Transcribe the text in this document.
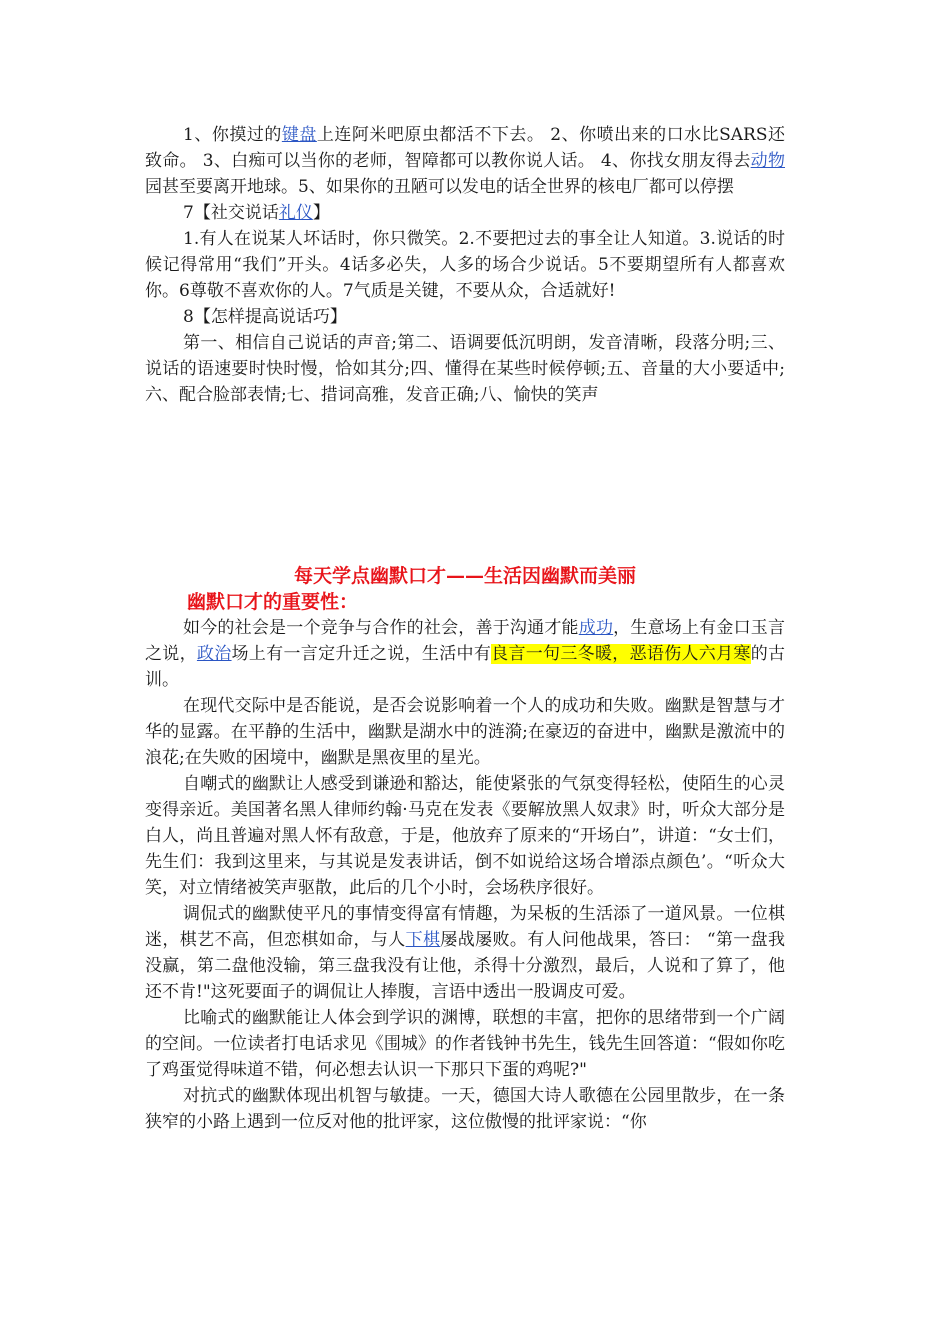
1、你摸过的键盘上连阿米吧原虫都活不下去。 2、你喷出来的口水比SARS还致命。 3、白痴可以当你的老师，智障都可以教你说人话。 4、你找女朋友得去动物园甚至要离开地球。5、如果你的丑陋可以发电的话全世界的核电厂都可以停摆

7【社交说话礼仪】

1.有人在说某人坏话时，你只微笑。2.不要把过去的事全让人知道。3.说话的时候记得常用“我们”开头。4话多必失，人多的场合少说话。5不要期望所有人都喜欢你。6尊敬不喜欢你的人。7气质是关键，不要从众，合适就好!

8【怎样提高说话巧】

第一、相信自己说话的声音;第二、语调要低沉明朗，发音清晰，段落分明;三、说话的语速要时快时慢，恰如其分;四、懂得在某些时候停顿;五、音量的大小要适中;六、配合脸部表情;七、措词高雅，发音正确;八、愉快的笑声

每天学点幽默口才——生活因幽默而美丽

幽默口才的重要性：

如今的社会是一个竞争与合作的社会，善于沟通才能成功，生意场上有金口玉言之说，政治场上有一言定升迁之说，生活中有良言一句三冬暖，恶语伤人六月寒的古训。

在现代交际中是否能说，是否会说影响着一个人的成功和失败。幽默是智慧与才华的显露。在平静的生活中，幽默是湖水中的涟漪;在豪迈的奋进中，幽默是激流中的浪花;在失败的困境中，幽默是黑夜里的星光。

自嘲式的幽默让人感受到谦逊和豁达，能使紧张的气氛变得轻松，使陌生的心灵变得亲近。美国著名黑人律师约翰·马克在发表《要解放黑人奴隶》时，听众大部分是白人，尚且普遍对黑人怀有敌意，于是，他放弃了原来的“开场白”，讲道：“女士们，先生们：我到这里来，与其说是发表讲话，倒不如说给这场合增添点颜色’。“听众大笑，对立情绪被笑声驱散，此后的几个小时，会场秩序很好。

调侃式的幽默使平凡的事情变得富有情趣，为呆板的生活添了一道风景。一位棋迷，棋艺不高，但恋棋如命，与人下棋屡战屡败。有人问他战果，答曰： “第一盘我没赢，第二盘他没输，第三盘我没有让他，杀得十分激烈，最后，人说和了算了，他还不肯!"这死要面子的调侃让人捧腹，言语中透出一股调皮可爱。

比喻式的幽默能让人体会到学识的渊博，联想的丰富，把你的思绪带到一个广阔的空间。一位读者打电话求见《围城》的作者钱钟书先生，钱先生回答道：“假如你吃了鸡蛋觉得味道不错，何必想去认识一下那只下蛋的鸡呢?"

对抗式的幽默体现出机智与敏捷。一天，德国大诗人歌德在公园里散步，在一条狭窄的小路上遇到一位反对他的批评家，这位傲慢的批评家说：“你
